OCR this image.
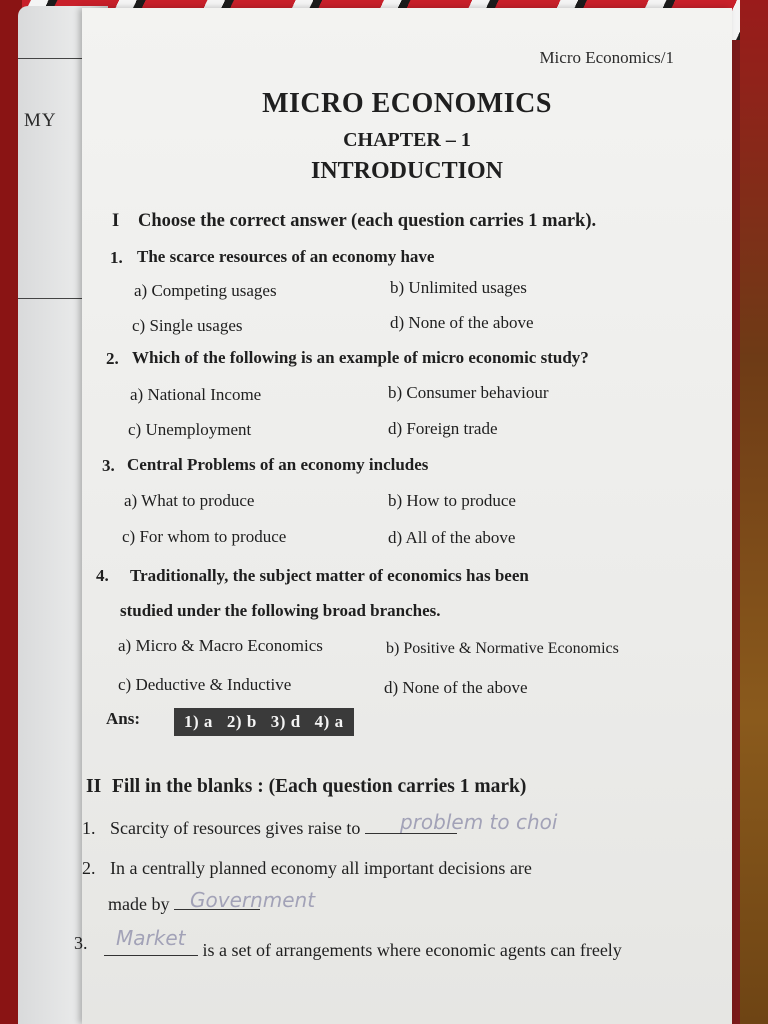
MY
Micro Economics/1
MICRO ECONOMICS
CHAPTER – 1
INTRODUCTION
I Choose the correct answer (each question carries 1 mark).
1. The scarce resources of an economy have
a) Competing usages	b) Unlimited usages
c) Single usages	d) None of the above
2. Which of the following is an example of micro economic study?
a) National Income	b) Consumer behaviour
c) Unemployment	d) Foreign trade
3. Central Problems of an economy includes
a) What to produce	b) How to produce
c) For whom to produce	d) All of the above
4. Traditionally, the subject matter of economics has been
studied under the following broad branches.
a) Micro & Macro Economics	b) Positive & Normative Economics
c) Deductive & Inductive	d) None of the above
Ans:	1) a 2) b 3) d 4) a
II Fill in the blanks : (Each question carries 1 mark)
1. Scarcity of resources gives raise to	problem to choi
2. In a centrally planned economy all important decisions are
made by	Government
3.	is a set of arrangements where economic agents can freely
Market
